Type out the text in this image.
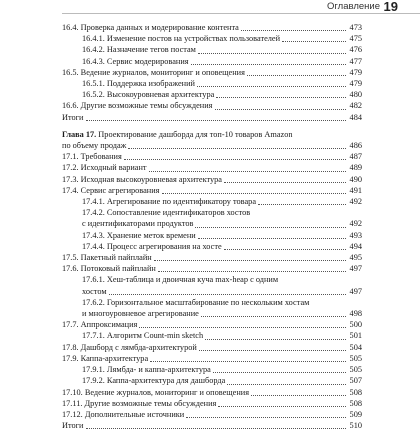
Оглавление 19
16.4. Проверка данных и модерирование контента	473
16.4.1. Изменение постов на устройствах пользователей	475
16.4.2. Назначение тегов постам	476
16.4.3. Сервис модерирования	477
16.5. Ведение журналов, мониторинг и оповещения	479
16.5.1. Поддержка изображений	479
16.5.2. Высокоуровневая архитектура	480
16.6. Другие возможные темы обсуждения	482
Итоги	484
Глава 17. Проектирование дашборда для топ-10 товаров Amazon
по объему продаж	486
17.1. Требования	487
17.2. Исходный вариант	489
17.3. Исходная высокоуровневая архитектура	490
17.4. Сервис агрегирования	491
17.4.1. Агрегирование по идентификатору товара	492
17.4.2. Сопоставление идентификаторов хостов
с идентификаторами продуктов	492
17.4.3. Хранение меток времени	493
17.4.4. Процесс агрегирования на хосте	494
17.5. Пакетный пайплайн	495
17.6. Потоковый пайплайн	497
17.6.1. Хеш-таблица и двоичная куча max-heap с одним
хостом	497
17.6.2. Горизонтальное масштабирование по нескольким хостам
и многоуровневое агрегирование	498
17.7. Аппроксимация	500
17.7.1. Алгоритм Count-min sketch	501
17.8. Дашборд с лямбда-архитектурой	504
17.9. Каппа-архитектура	505
17.9.1. Лямбда- и каппа-архитектура	505
17.9.2. Каппа-архитектура для дашборда	507
17.10. Ведение журналов, мониторинг и оповещения	508
17.11. Другие возможные темы обсуждения	508
17.12. Дополнительные источники	509
Итоги	510
